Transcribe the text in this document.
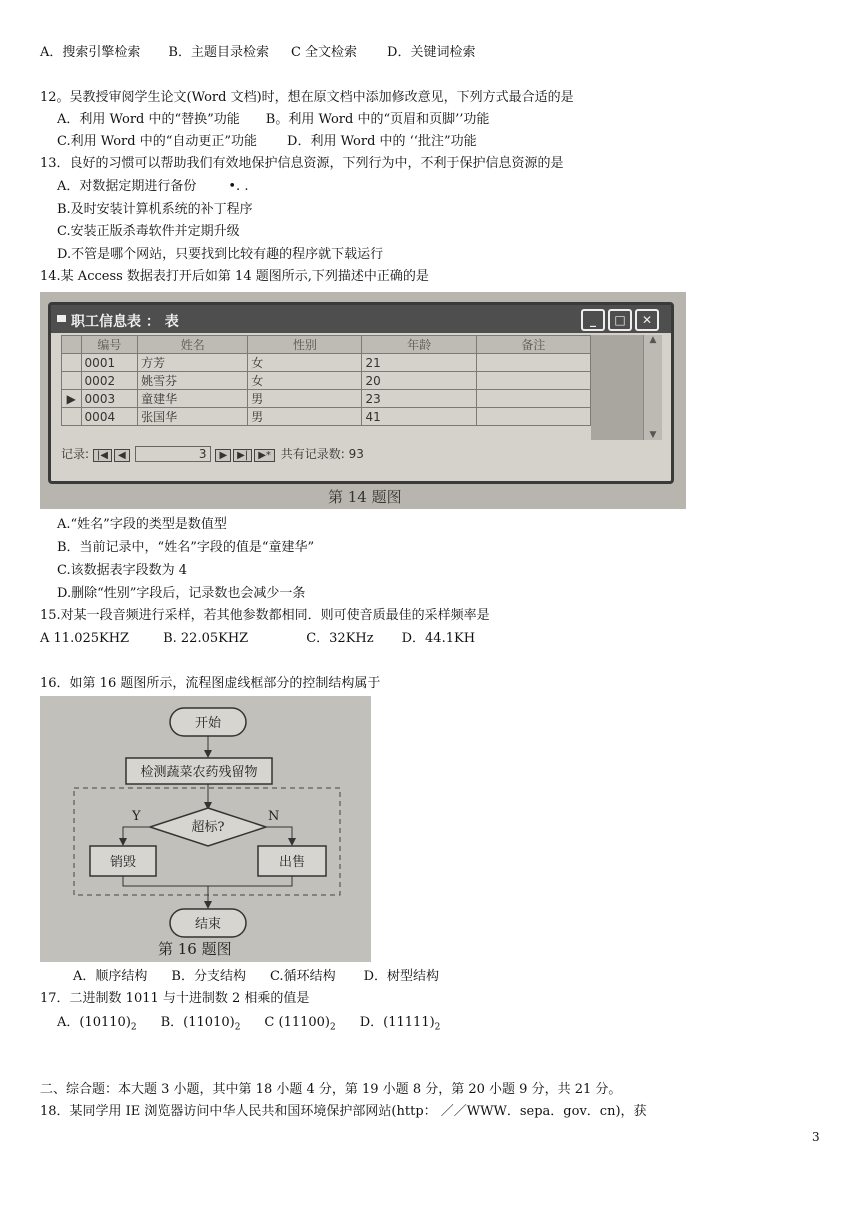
A．搜索引擎检索 B．主题目录检索 C 全文检索 D．关键词检索
12。吴教授审阅学生论文(Word 文档)时，想在原文档中添加修改意见，下列方式最合适的是
A．利用 Word 中的“替换”功能 B。利用 Word 中的“页眉和页脚’’功能
C.利用 Word 中的“自动更正”功能 D．利用 Word 中的 ‘‘批注”功能
13．良好的习惯可以帮助我们有效地保护信息资源，下列行为中，不利于保护信息资源的是
A．对数据定期进行备份 •. .
B.及时安装计算机系统的补丁程序
C.安装正版杀毒软件并定期升级
D.不管是哪个网站，只要找到比较有趣的程序就下载运行
14.某 Access 数据表打开后如第 14 题图所示,下列描述中正确的是
职工信息表 ： 表	_	□	✕
▲
▼
	编号	姓名	性别	年龄	备注
	0001	方芳	女	21	
	0002	姚雪芬	女	20	
▶	0003	童建华	男	23	
	0004	张国华	男	41	
记录: |◀ ◀	3 ▶ ▶| ▶* 共有记录数: 93
第 14 题图
A.“姓名”字段的类型是数值型
B．当前记录中，“姓名”字段的值是“童建华”
C.该数据表字段数为 4
D.删除“性别”字段后，记录数也会减少一条
15.对某一段音频进行采样，若其他参数都相同．则可使音质最佳的采样频率是
A 11.025KHZ	B. 22.05KHZ	C．32KHz D．44.1KH
16．如第 16 题图所示，流程图虚线框部分的控制结构属于
开始
检测蔬菜农药残留物
超标?
Y	N
销毁	出售
结束
第 16 题图
A．顺序结构 B．分支结构 C.循环结构 D．树型结构
17．二进制数 1011 与十进制数 2 相乘的值是
A．$(10110)_2$ B．$(11010)_2$ C $(11100)_2$ D．$(11111)_2$
二、综合题：本大题 3 小题，其中第 18 小题 4 分，第 19 小题 8 分，第 20 小题 9 分，共 21 分。
18．某同学用 IE 浏览器访问中华人民共和国环境保护部网站(http： ／／WWW．sepa．gov．cn)，获
3
